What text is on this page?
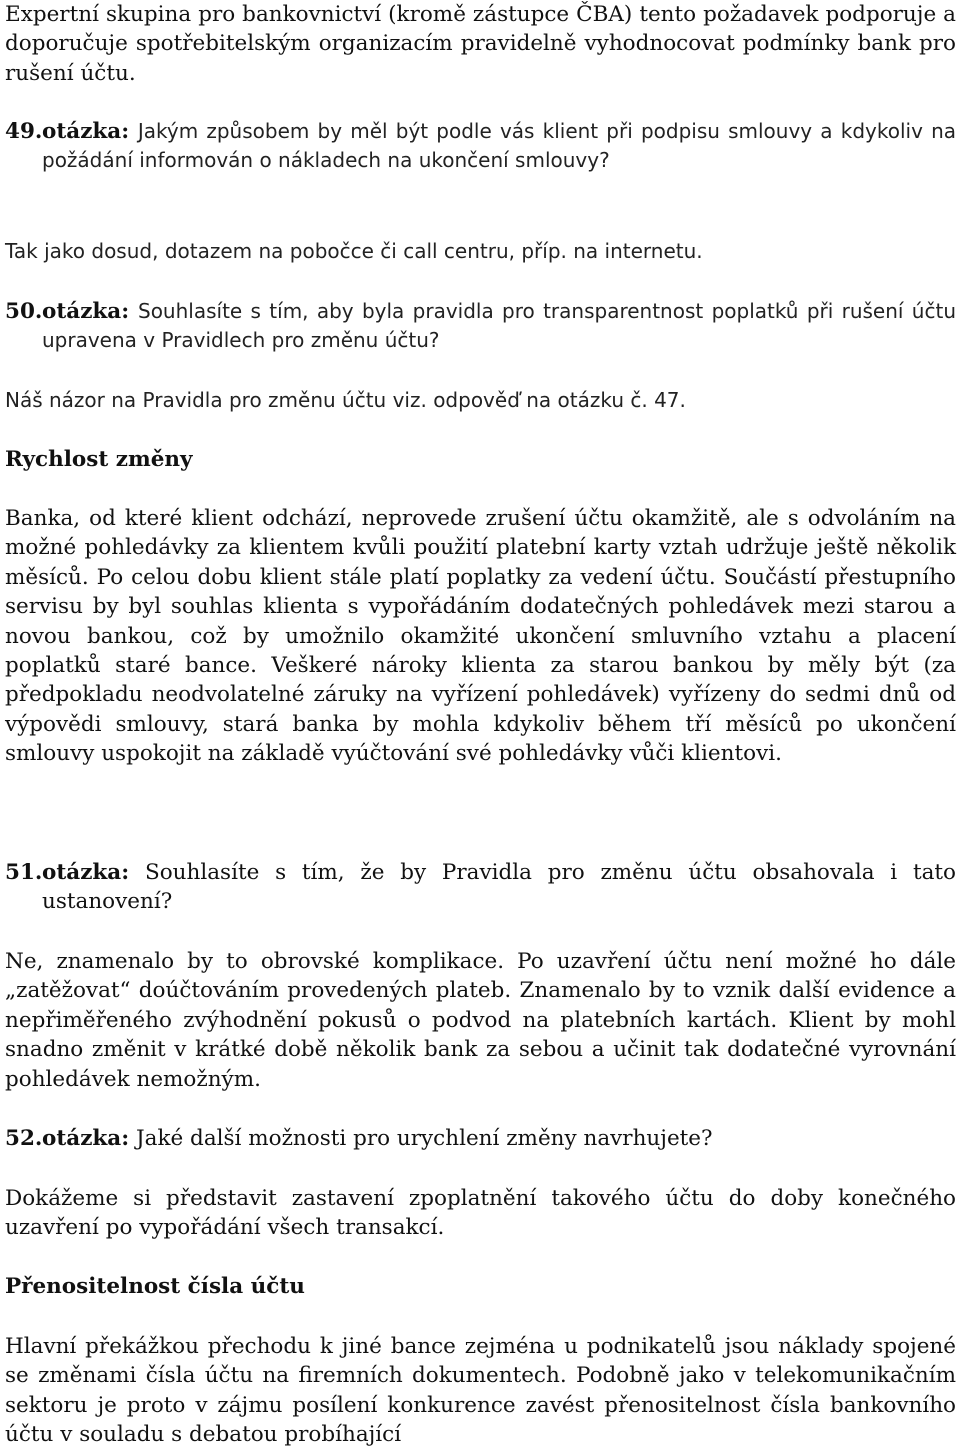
Expertní skupina pro bankovnictví (kromě zástupce ČBA) tento požadavek podporuje a doporučuje spotřebitelským organizacím pravidelně vyhodnocovat podmínky bank pro rušení účtu.

49. otázka: Jakým způsobem by měl být podle vás klient při podpisu smlouvy a kdykoliv na požádání informován o nákladech na ukončení smlouvy?

Tak jako dosud, dotazem na pobočce či call centru, příp. na internetu.

50. otázka: Souhlasíte s tím, aby byla pravidla pro transparentnost poplatků při rušení účtu upravena v Pravidlech pro změnu účtu?

Náš názor na Pravidla pro změnu účtu viz. odpověď na otázku č. 47.

Rychlost změny

Banka, od které klient odchází, neprovede zrušení účtu okamžitě, ale s odvoláním na možné pohledávky za klientem kvůli použití platební karty vztah udržuje ještě několik měsíců. Po celou dobu klient stále platí poplatky za vedení účtu. Součástí přestupního servisu by byl souhlas klienta s vypořádáním dodatečných pohledávek mezi starou a novou bankou, což by umožnilo okamžité ukončení smluvního vztahu a placení poplatků staré bance. Veškeré nároky klienta za starou bankou by měly být (za předpokladu neodvolatelné záruky na vyřízení pohledávek) vyřízeny do sedmi dnů od výpovědi smlouvy, stará banka by mohla kdykoliv během tří měsíců po ukončení smlouvy uspokojit na základě vyúčtování své pohledávky vůči klientovi.

51. otázka: Souhlasíte s tím, že by Pravidla pro změnu účtu obsahovala i tato ustanovení?

Ne, znamenalo by to obrovské komplikace. Po uzavření účtu není možné ho dále „zatěžovat“ doúčtováním provedených plateb. Znamenalo by to vznik další evidence a nepřiměřeného zvýhodnění pokusů o podvod na platebních kartách. Klient by mohl snadno změnit v krátké době několik bank za sebou a učinit tak dodatečné vyrovnání pohledávek nemožným.

52. otázka: Jaké další možnosti pro urychlení změny navrhujete?

Dokážeme si představit zastavení zpoplatnění takového účtu do doby konečného uzavření po vypořádání všech transakcí.

Přenositelnost čísla účtu

Hlavní překážkou přechodu k jiné bance zejména u podnikatelů jsou náklady spojené se změnami čísla účtu na firemních dokumentech. Podobně jako v telekomunikačním sektoru je proto v zájmu posílení konkurence zavést přenositelnost čísla bankovního účtu v souladu s debatou probíhající
